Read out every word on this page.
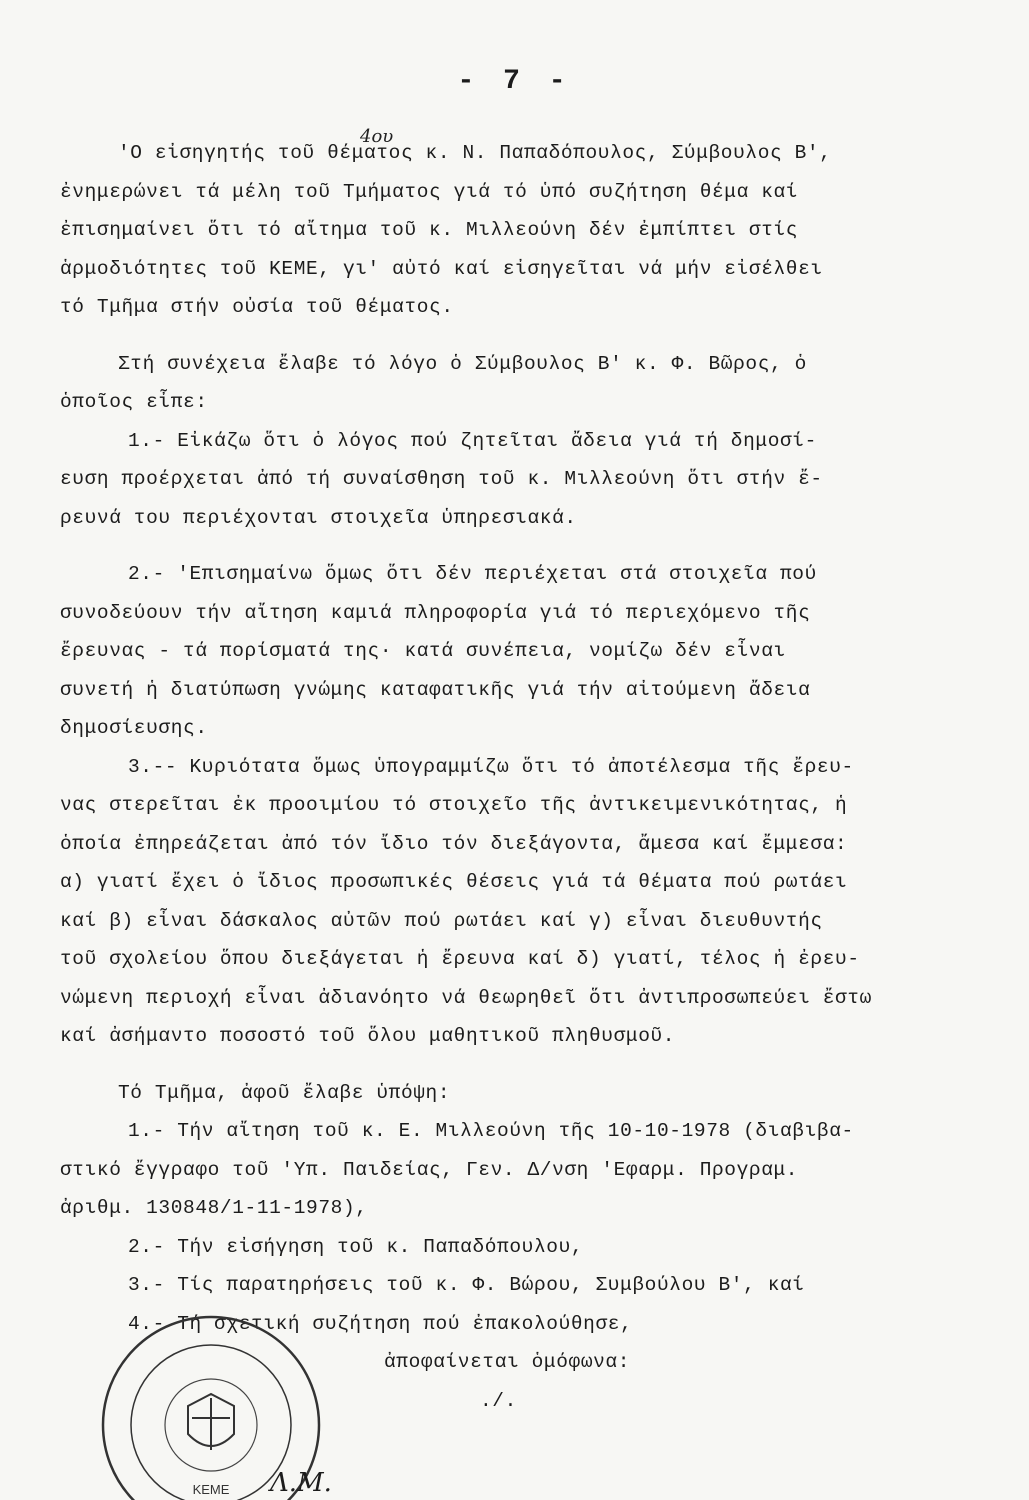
- 7 -
4ου

'Ο εἰσηγητής τοῦ θέματος κ. Ν. Παπαδόπουλος, Σύμβουλος Β',
ἐνημερώνει τά μέλη τοῦ Τμήματος γιά τό ὑπό συζήτηση θέμα καί
ἐπισημαίνει ὅτι τό αἴτημα τοῦ κ. Μιλλεούνη δέν ἐμπίπτει στίς
ἁρμοδιότητες τοῦ ΚΕΜΕ, γι' αὐτό καί εἰσηγεῖται νά μήν εἰσέλθει
τό Τμῆμα στήν οὐσία τοῦ θέματος.

Στή συνέχεια ἔλαβε τό λόγο ὁ Σύμβουλος Β' κ. Φ. Βῶρος, ὁ
ὁποῖος εἶπε:

1.- Εἰκάζω ὅτι ὁ λόγος πού ζητεῖται ἄδεια γιά τή δημοσί-
ευση προέρχεται ἀπό τή συναίσθηση τοῦ κ. Μιλλεούνη ὅτι στήν ἔ-
ρευνά του περιέχονται στοιχεῖα ὑπηρεσιακά.

2.- 'Επισημαίνω ὅμως ὅτι δέν περιέχεται στά στοιχεῖα πού
συνοδεύουν τήν αἴτηση καμιά πληροφορία γιά τό περιεχόμενο τῆς
ἔρευνας - τά πορίσματά της· κατά συνέπεια, νομίζω δέν εἶναι
συνετή ἡ διατύπωση γνώμης καταφατικῆς γιά τήν αἰτούμενη ἄδεια
δημοσίευσης.

3.-- Κυριότατα ὅμως ὑπογραμμίζω ὅτι τό ἀποτέλεσμα τῆς ἔρευ-
νας στερεῖται ἐκ προοιμίου τό στοιχεῖο τῆς ἀντικειμενικότητας, ἡ
ὁποία ἐπηρεάζεται ἀπό τόν ἴδιο τόν διεξάγοντα, ἄμεσα καί ἔμμεσα:
α) γιατί ἔχει ὁ ἴδιος προσωπικές θέσεις γιά τά θέματα πού ρωτάει
καί β) εἶναι δάσκαλος αὐτῶν πού ρωτάει καί γ) εἶναι διευθυντής
τοῦ σχολείου ὅπου διεξάγεται ἡ ἔρευνα καί δ) γιατί, τέλος ἡ ἐρευ-
νώμενη περιοχή εἶναι ἀδιανόητο νά θεωρηθεῖ ὅτι ἀντιπροσωπεύει ἔστω
καί ἀσήμαντο ποσοστό τοῦ ὅλου μαθητικοῦ πληθυσμοῦ.

Τό Τμῆμα, ἀφοῦ ἔλαβε ὑπόψη:

1.- Τήν αἴτηση τοῦ κ. Ε. Μιλλεούνη τῆς 10-10-1978 (διαβιβα-
στικό ἔγγραφο τοῦ 'Υπ. Παιδείας, Γεν. Δ/νση 'Εφαρμ. Προγραμ.
ἀριθμ. 130848/1-11-1978),

2.- Τήν εἰσήγηση τοῦ κ. Παπαδόπουλου,

3.- Τίς παρατηρήσεις τοῦ κ. Φ. Βώρου, Συμβούλου Β', καί

4.- Τή σχετική συζήτηση πού ἐπακολούθησε,

ἀποφαίνεται ὁμόφωνα:

./.

ΚΕΜΕ Λ.Μ.
